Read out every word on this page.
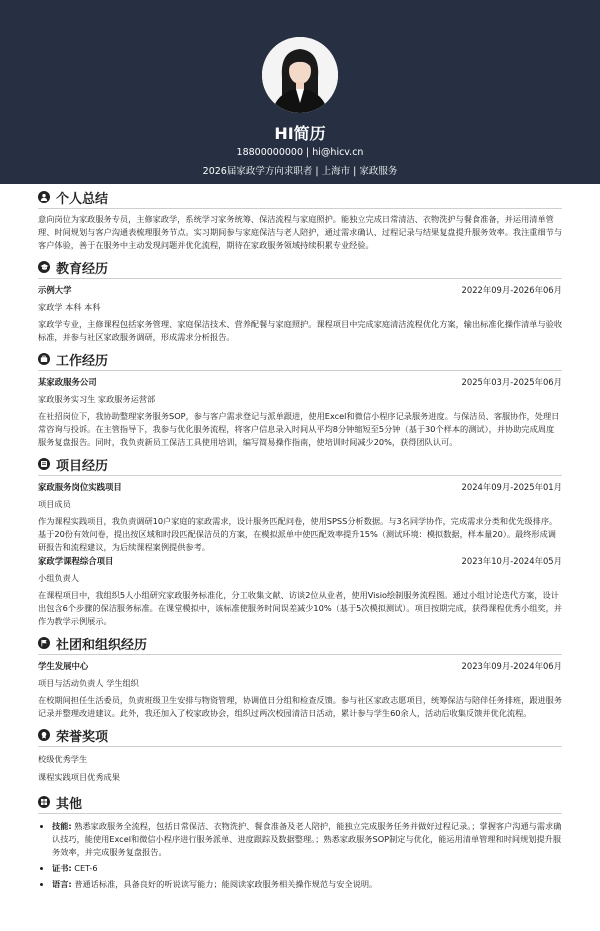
HI简历
18800000000 | hi@hicv.cn
2026届家政学方向求职者 | 上海市 | 家政服务
个人总结

意向岗位为家政服务专员，主修家政学，系统学习家务统筹、保洁流程与家庭照护。能独立完成日常清洁、衣物洗护与餐食准备，并运用清单管理、时间规划与客户沟通表梳理服务节点。实习期间参与家庭保洁与老人陪护，通过需求确认、过程记录与结果复盘提升服务效率。我注重细节与客户体验，善于在服务中主动发现问题并优化流程，期待在家政服务领域持续积累专业经验。

教育经历
示例大学	2022年09月-2026年06月
家政学 本科 本科

家政学专业，主修课程包括家务管理、家庭保洁技术、营养配餐与家庭照护。课程项目中完成家庭清洁流程优化方案，输出标准化操作清单与验收标准，并参与社区家政服务调研，形成需求分析报告。

工作经历
某家政服务公司	2025年03月-2025年06月
家政服务实习生 家政服务运营部

在社招岗位下，我协助整理家务服务SOP，参与客户需求登记与派单跟进，使用Excel和微信小程序记录服务进度。与保洁员、客服协作，处理日常咨询与投诉。在主管指导下，我参与优化服务流程，将客户信息录入时间从平均8分钟缩短至5分钟（基于30个样本的测试），并协助完成周度服务复盘报告。同时，我负责新员工保洁工具使用培训，编写简易操作指南，使培训时间减少20%，获得团队认可。

项目经历
家政服务岗位实践项目	2024年09月-2025年01月
项目成员

作为课程实践项目，我负责调研10户家庭的家政需求，设计服务匹配问卷，使用SPSS分析数据。与3名同学协作，完成需求分类和优先级排序。基于20份有效问卷，提出按区域和时段匹配保洁员的方案，在模拟派单中使匹配效率提升15%（测试环境：模拟数据，样本量20）。最终形成调研报告和流程建议，为后续课程案例提供参考。

家政学课程综合项目	2023年10月-2024年05月
小组负责人

在课程项目中，我组织5人小组研究家政服务标准化，分工收集文献、访谈2位从业者，使用Visio绘制服务流程图。通过小组讨论迭代方案，设计出包含6个步骤的保洁服务标准。在课堂模拟中，该标准使服务时间误差减少10%（基于5次模拟测试）。项目按期完成，获得课程优秀小组奖，并作为教学示例展示。

社团和组织经历
学生发展中心	2023年09月-2024年06月
项目与活动负责人 学生组织

在校期间担任生活委员，负责班级卫生安排与物资管理，协调值日分组和检查反馈。参与社区家政志愿项目，统筹保洁与陪伴任务排班，跟进服务记录并整理改进建议。此外，我还加入了校家政协会，组织过两次校园清洁日活动，累计参与学生60余人，活动后收集反馈并优化流程。

荣誉奖项
校级优秀学生
课程实践项目优秀成果
其他
• 技能: 熟悉家政服务全流程，包括日常保洁、衣物洗护、餐食准备及老人陪护，能独立完成服务任务并做好过程记录。；掌握客户沟通与需求确认技巧，能使用Excel和微信小程序进行服务派单、进度跟踪及数据整理。；熟悉家政服务SOP制定与优化，能运用清单管理和时间规划提升服务效率，并完成服务复盘报告。
• 证书: CET-6
• 语言: 普通话标准，具备良好的听说读写能力；能阅读家政服务相关操作规范与安全说明。
